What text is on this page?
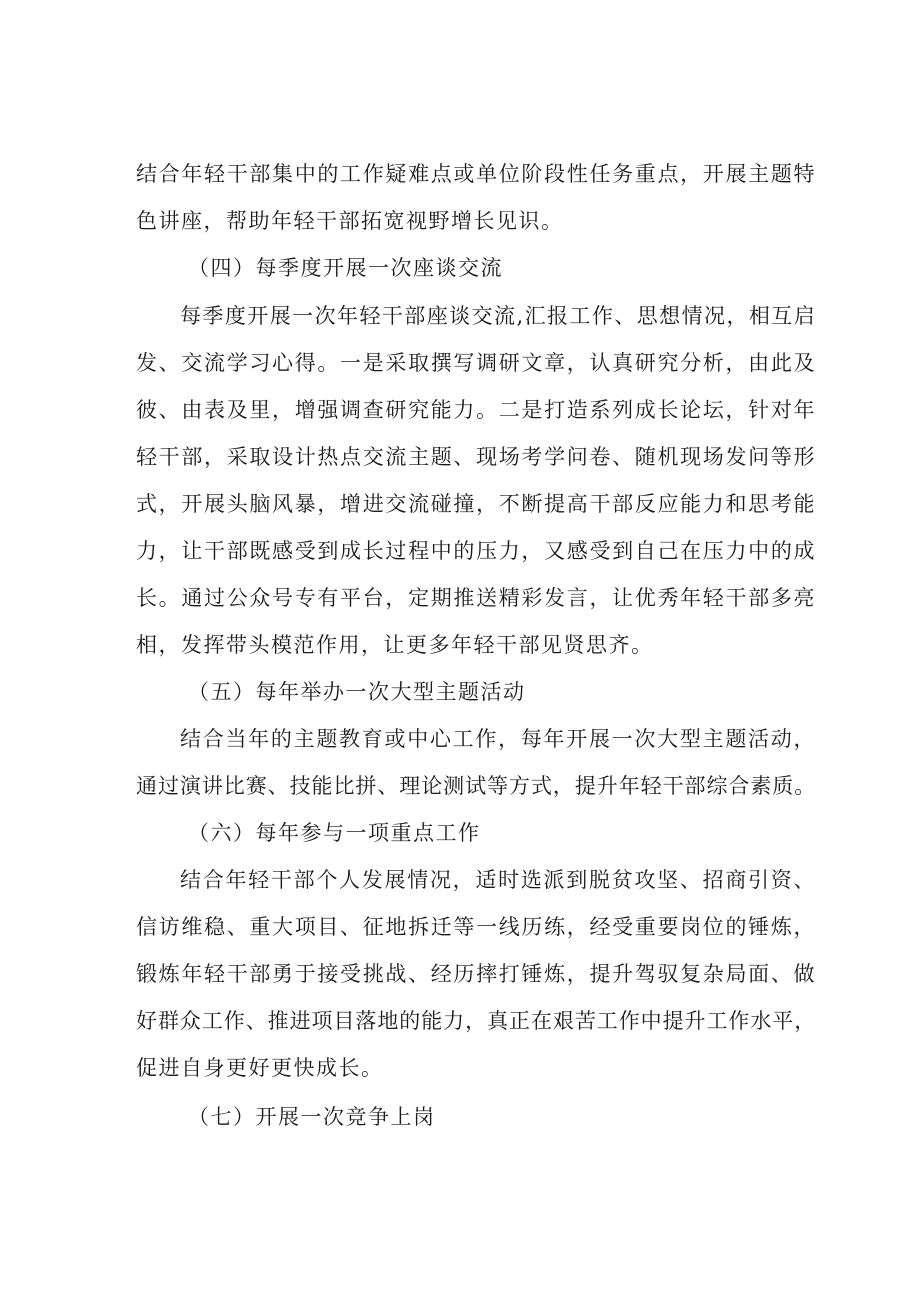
结合年轻干部集中的工作疑难点或单位阶段性任务重点，开展主题特
色讲座，帮助年轻干部拓宽视野增长见识。
（四）每季度开展一次座谈交流
每季度开展一次年轻干部座谈交流,汇报工作、思想情况，相互启
发、交流学习心得。一是采取撰写调研文章，认真研究分析，由此及
彼、由表及里，增强调查研究能力。二是打造系列成长论坛，针对年
轻干部，采取设计热点交流主题、现场考学问卷、随机现场发问等形
式，开展头脑风暴，增进交流碰撞，不断提高干部反应能力和思考能
力，让干部既感受到成长过程中的压力，又感受到自己在压力中的成
长。通过公众号专有平台，定期推送精彩发言，让优秀年轻干部多亮
相，发挥带头模范作用，让更多年轻干部见贤思齐。
（五）每年举办一次大型主题活动
结合当年的主题教育或中心工作，每年开展一次大型主题活动，
通过演讲比赛、技能比拼、理论测试等方式，提升年轻干部综合素质。
（六）每年参与一项重点工作
结合年轻干部个人发展情况，适时选派到脱贫攻坚、招商引资、
信访维稳、重大项目、征地拆迁等一线历练，经受重要岗位的锤炼，
锻炼年轻干部勇于接受挑战、经历摔打锤炼，提升驾驭复杂局面、做
好群众工作、推进项目落地的能力，真正在艰苦工作中提升工作水平，
促进自身更好更快成长。
（七）开展一次竞争上岗
